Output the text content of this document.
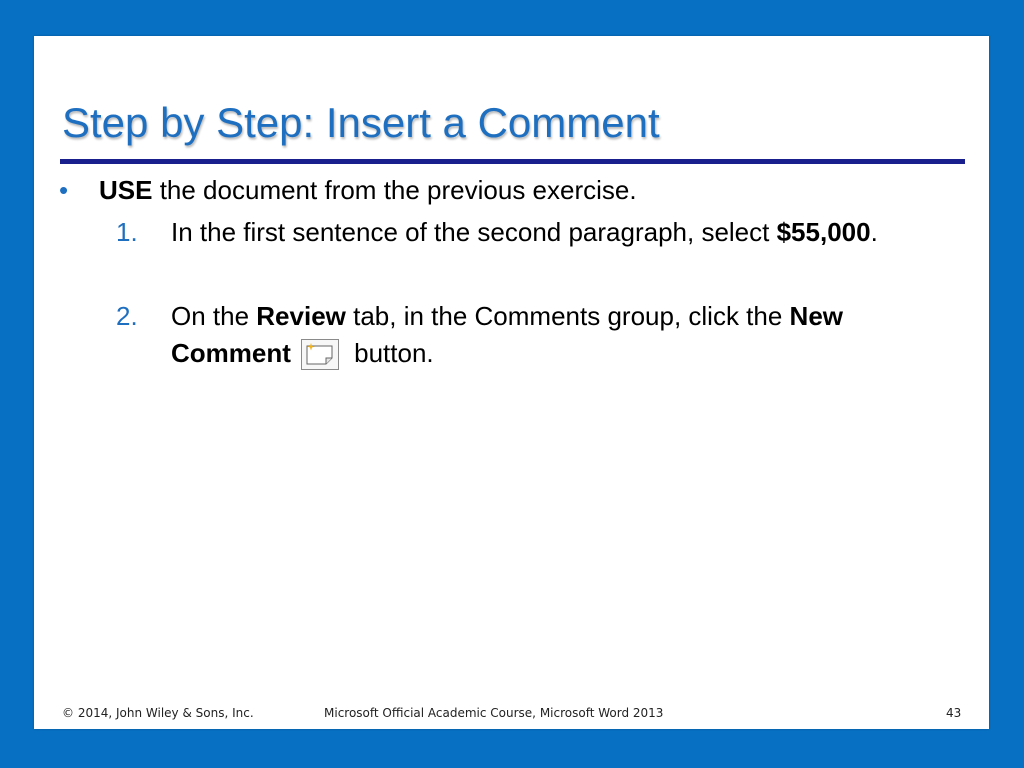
Step by Step: Insert a Comment
• USE the document from the previous exercise.
1. In the first sentence of the second paragraph, select $55,000.
2. On the Review tab, in the Comments group, click the New Comment
button.
© 2014, John Wiley & Sons, Inc.	Microsoft Official Academic Course, Microsoft Word 2013	43
